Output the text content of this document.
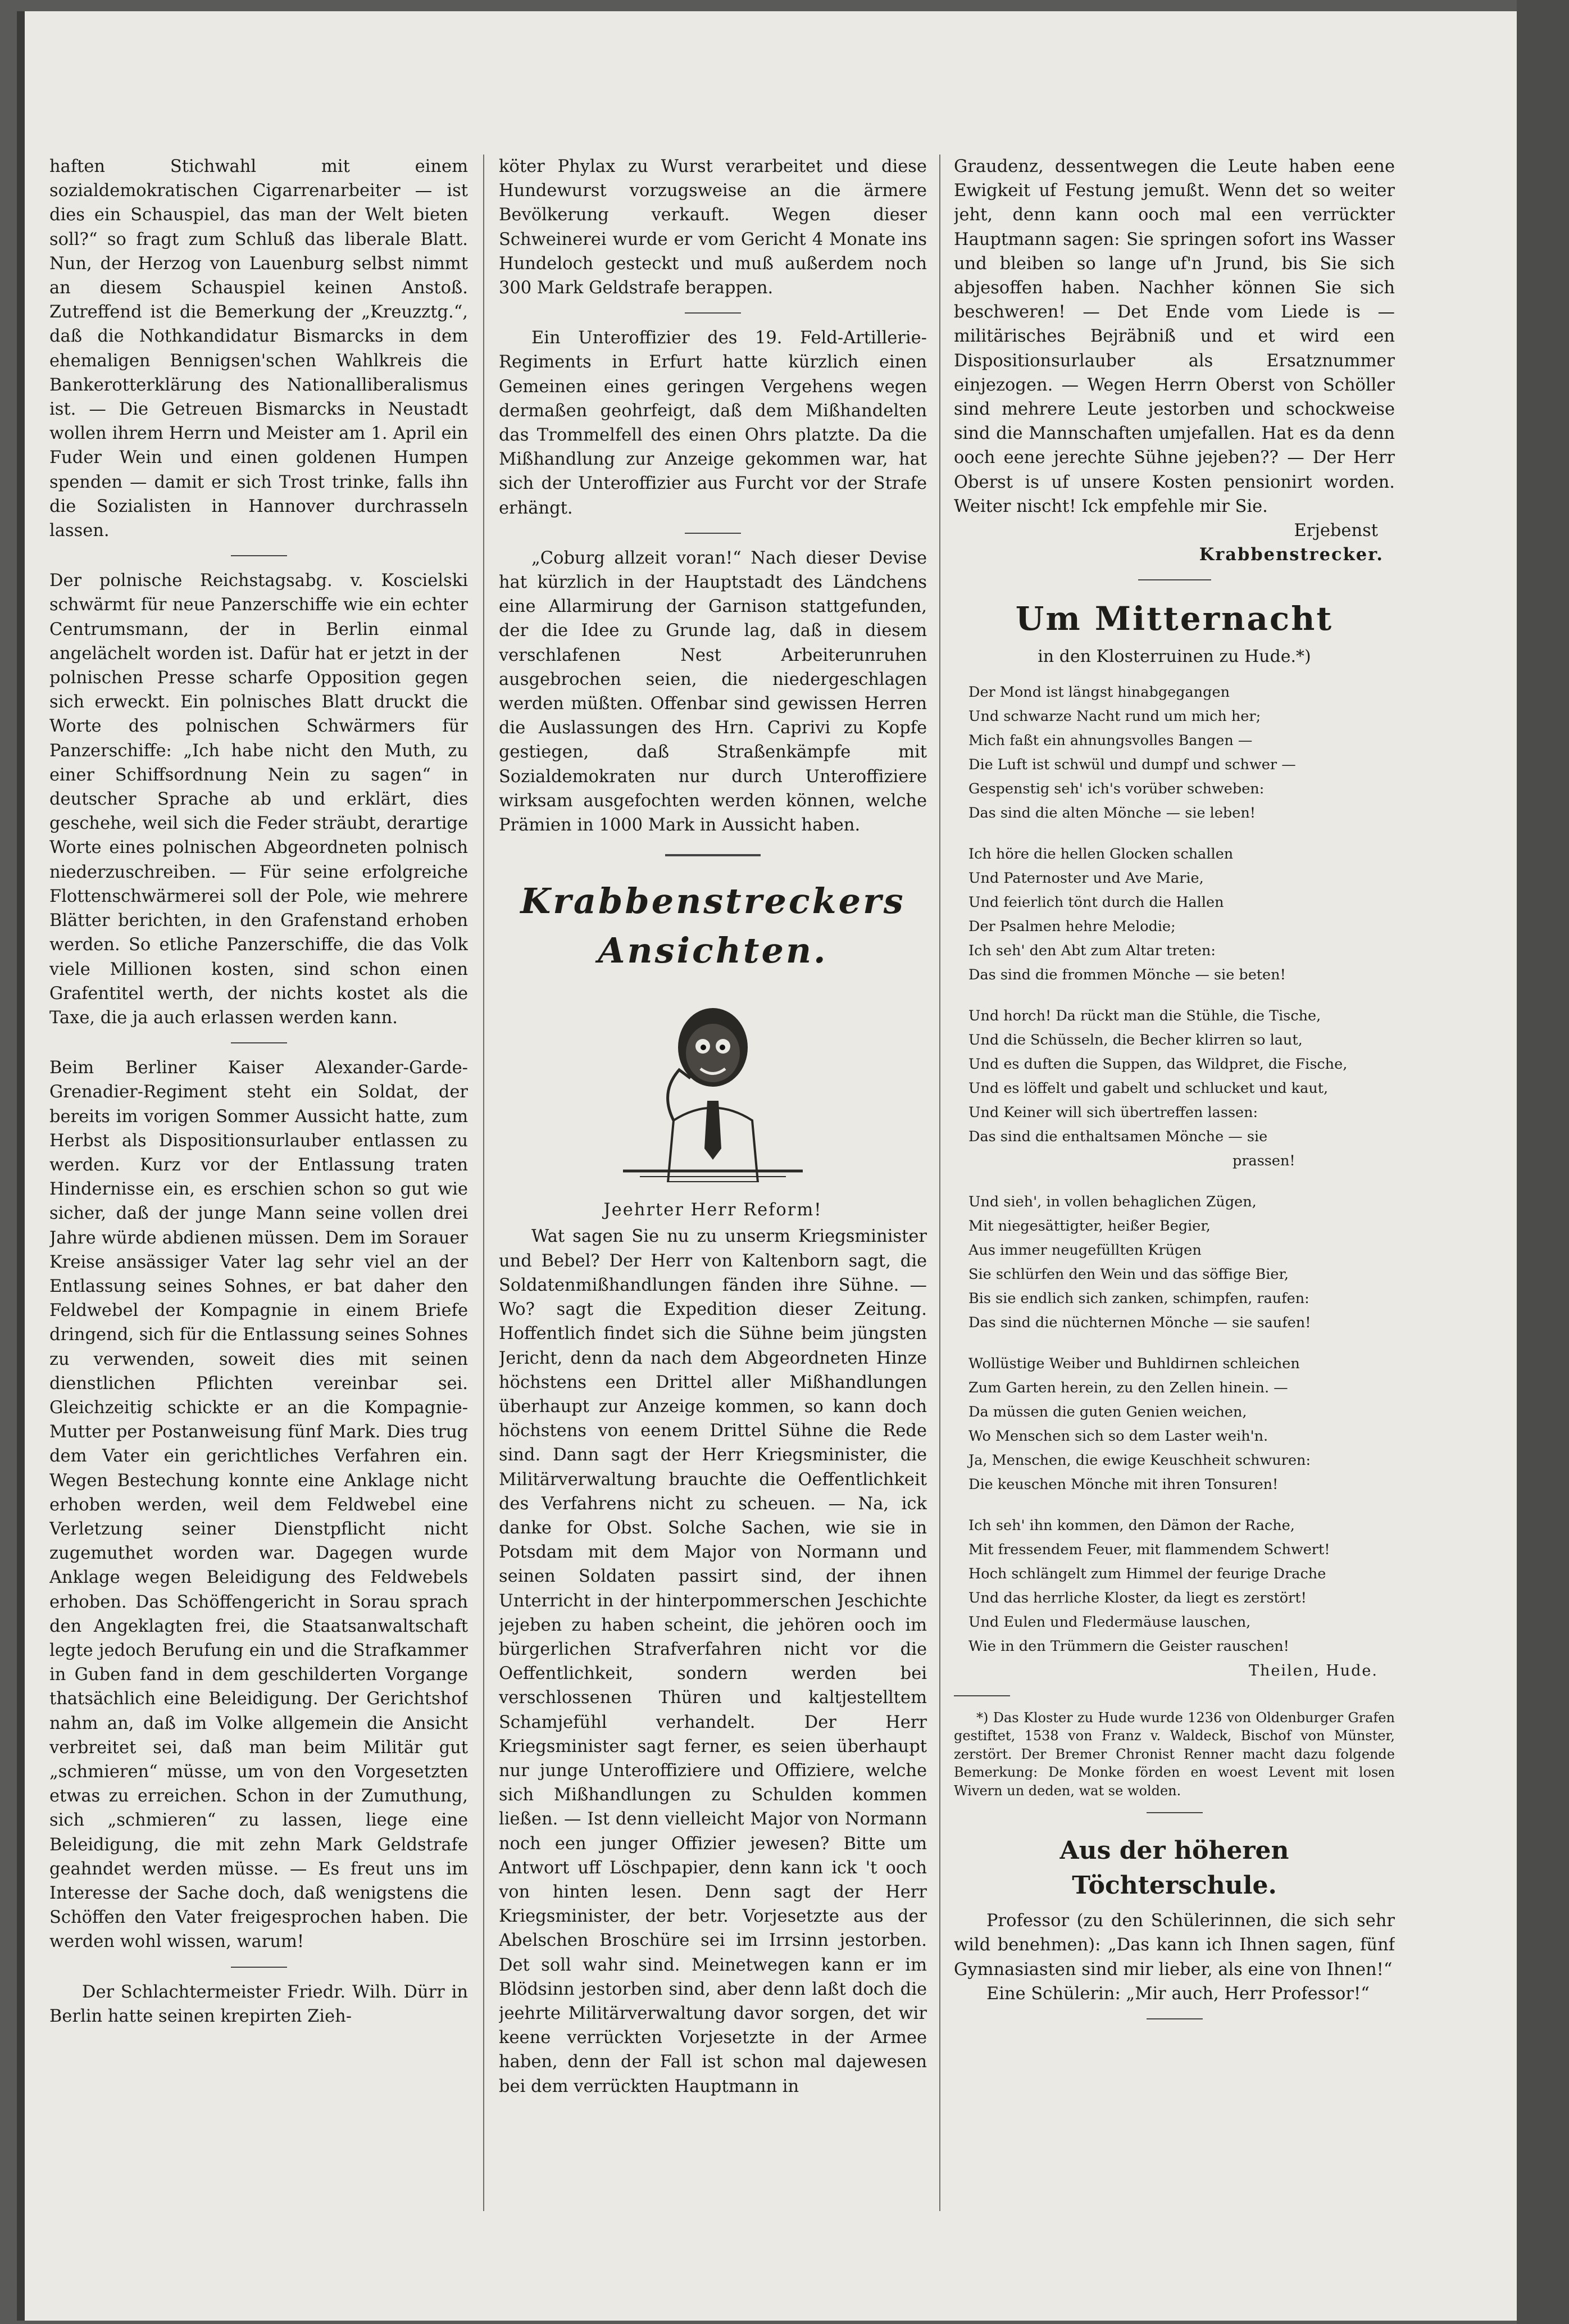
haften Stichwahl mit einem sozialdemokratischen Cigarrenarbeiter — ist dies ein Schauspiel, das man der Welt bieten soll?“ so fragt zum Schluß das liberale Blatt. Nun, der Herzog von Lauenburg selbst nimmt an diesem Schauspiel keinen Anstoß. Zutreffend ist die Bemerkung der „Kreuzztg.“, daß die Nothkandidatur Bismarcks in dem ehemaligen Bennigsen'schen Wahlkreis die Bankerotterklärung des Nationalliberalismus ist. — Die Getreuen Bismarcks in Neustadt wollen ihrem Herrn und Meister am 1. April ein Fuder Wein und einen goldenen Humpen spenden — damit er sich Trost trinke, falls ihn die Sozialisten in Hannover durchrasseln lassen.

Der polnische Reichstagsabg. v. Koscielski schwärmt für neue Panzerschiffe wie ein echter Centrumsmann, der in Berlin einmal angelächelt worden ist. Dafür hat er jetzt in der polnischen Presse scharfe Opposition gegen sich erweckt. Ein polnisches Blatt druckt die Worte des polnischen Schwärmers für Panzerschiffe: „Ich habe nicht den Muth, zu einer Schiffsordnung Nein zu sagen“ in deutscher Sprache ab und erklärt, dies geschehe, weil sich die Feder sträubt, derartige Worte eines polnischen Abgeordneten polnisch niederzuschreiben. — Für seine erfolgreiche Flottenschwärmerei soll der Pole, wie mehrere Blätter berichten, in den Grafenstand erhoben werden. So etliche Panzerschiffe, die das Volk viele Millionen kosten, sind schon einen Grafentitel werth, der nichts kostet als die Taxe, die ja auch erlassen werden kann.

Beim Berliner Kaiser Alexander-Garde-Grenadier-Regiment steht ein Soldat, der bereits im vorigen Sommer Aussicht hatte, zum Herbst als Dispositionsurlauber entlassen zu werden. Kurz vor der Entlassung traten Hindernisse ein, es erschien schon so gut wie sicher, daß der junge Mann seine vollen drei Jahre würde abdienen müssen. Dem im Sorauer Kreise ansässiger Vater lag sehr viel an der Entlassung seines Sohnes, er bat daher den Feldwebel der Kompagnie in einem Briefe dringend, sich für die Entlassung seines Sohnes zu verwenden, soweit dies mit seinen dienstlichen Pflichten vereinbar sei. Gleichzeitig schickte er an die Kompagnie-Mutter per Postanweisung fünf Mark. Dies trug dem Vater ein gerichtliches Verfahren ein. Wegen Bestechung konnte eine Anklage nicht erhoben werden, weil dem Feldwebel eine Verletzung seiner Dienstpflicht nicht zugemuthet worden war. Dagegen wurde Anklage wegen Beleidigung des Feldwebels erhoben. Das Schöffengericht in Sorau sprach den Angeklagten frei, die Staatsanwaltschaft legte jedoch Berufung ein und die Strafkammer in Guben fand in dem geschilderten Vorgange thatsächlich eine Beleidigung. Der Gerichtshof nahm an, daß im Volke allgemein die Ansicht verbreitet sei, daß man beim Militär gut „schmieren“ müsse, um von den Vorgesetzten etwas zu erreichen. Schon in der Zumuthung, sich „schmieren“ zu lassen, liege eine Beleidigung, die mit zehn Mark Geldstrafe geahndet werden müsse. — Es freut uns im Interesse der Sache doch, daß wenigstens die Schöffen den Vater freigesprochen haben. Die werden wohl wissen, warum!

Der Schlachtermeister Friedr. Wilh. Dürr in Berlin hatte seinen krepirten Zieh-

köter Phylax zu Wurst verarbeitet und diese Hundewurst vorzugsweise an die ärmere Bevölkerung verkauft. Wegen dieser Schweinerei wurde er vom Gericht 4 Monate ins Hundeloch gesteckt und muß außerdem noch 300 Mark Geldstrafe berappen.

Ein Unteroffizier des 19. Feld-Artillerie-Regiments in Erfurt hatte kürzlich einen Gemeinen eines geringen Vergehens wegen dermaßen geohrfeigt, daß dem Mißhandelten das Trommelfell des einen Ohrs platzte. Da die Mißhandlung zur Anzeige gekommen war, hat sich der Unteroffizier aus Furcht vor der Strafe erhängt.

„Coburg allzeit voran!“ Nach dieser Devise hat kürzlich in der Hauptstadt des Ländchens eine Allarmirung der Garnison stattgefunden, der die Idee zu Grunde lag, daß in diesem verschlafenen Nest Arbeiterunruhen ausgebrochen seien, die niedergeschlagen werden müßten. Offenbar sind gewissen Herren die Auslassungen des Hrn. Caprivi zu Kopfe gestiegen, daß Straßenkämpfe mit Sozialdemokraten nur durch Unteroffiziere wirksam ausgefochten werden können, welche Prämien in 1000 Mark in Aussicht haben.

Krabbenstreckers Ansichten.
Jeehrter Herr Reform!

Wat sagen Sie nu zu unserm Kriegsminister und Bebel? Der Herr von Kaltenborn sagt, die Soldatenmißhandlungen fänden ihre Sühne. — Wo? sagt die Expedition dieser Zeitung. Hoffentlich findet sich die Sühne beim jüngsten Jericht, denn da nach dem Abgeordneten Hinze höchstens een Drittel aller Mißhandlungen überhaupt zur Anzeige kommen, so kann doch höchstens von eenem Drittel Sühne die Rede sind. Dann sagt der Herr Kriegsminister, die Militärverwaltung brauchte die Oeffentlichkeit des Verfahrens nicht zu scheuen. — Na, ick danke for Obst. Solche Sachen, wie sie in Potsdam mit dem Major von Normann und seinen Soldaten passirt sind, der ihnen Unterricht in der hinterpommerschen Jeschichte jejeben zu haben scheint, die jehören ooch im bürgerlichen Strafverfahren nicht vor die Oeffentlichkeit, sondern werden bei verschlossenen Thüren und kaltjestelltem Schamjefühl verhandelt. Der Herr Kriegsminister sagt ferner, es seien überhaupt nur junge Unteroffiziere und Offiziere, welche sich Mißhandlungen zu Schulden kommen ließen. — Ist denn vielleicht Major von Normann noch een junger Offizier jewesen? Bitte um Antwort uff Löschpapier, denn kann ick 't ooch von hinten lesen. Denn sagt der Herr Kriegsminister, der betr. Vorjesetzte aus der Abelschen Broschüre sei im Irrsinn jestorben. Det soll wahr sind. Meinetwegen kann er im Blödsinn jestorben sind, aber denn laßt doch die jeehrte Militärverwaltung davor sorgen, det wir keene verrückten Vorjesetzte in der Armee haben, denn der Fall ist schon mal dajewesen bei dem verrückten Hauptmann in

Graudenz, dessentwegen die Leute haben eene Ewigkeit uf Festung jemußt. Wenn det so weiter jeht, denn kann ooch mal een verrückter Hauptmann sagen: Sie springen sofort ins Wasser und bleiben so lange uf'n Jrund, bis Sie sich abjesoffen haben. Nachher können Sie sich beschweren! — Det Ende vom Liede is — militärisches Bejräbniß und et wird een Dispositionsurlauber als Ersatznummer einjezogen. — Wegen Herrn Oberst von Schöller sind mehrere Leute jestorben und schockweise sind die Mannschaften umjefallen. Hat es da denn ooch eene jerechte Sühne jejeben?? — Der Herr Oberst is uf unsere Kosten pensionirt worden. Weiter nischt! Ick empfehle mir Sie.

Erjebenst
Krabbenstrecker.
Um Mitternacht
in den Klosterruinen zu Hude.*)
Der Mond ist längst hinabgegangen
Und schwarze Nacht rund um mich her;
Mich faßt ein ahnungsvolles Bangen —
Die Luft ist schwül und dumpf und schwer —
Gespenstig seh' ich's vorüber schweben:
Das sind die alten Mönche — sie leben!
Ich höre die hellen Glocken schallen
Und Paternoster und Ave Marie,
Und feierlich tönt durch die Hallen
Der Psalmen hehre Melodie;
Ich seh' den Abt zum Altar treten:
Das sind die frommen Mönche — sie beten!
Und horch! Da rückt man die Stühle, die Tische,
Und die Schüsseln, die Becher klirren so laut,
Und es duften die Suppen, das Wildpret, die Fische,
Und es löffelt und gabelt und schlucket und kaut,
Und Keiner will sich übertreffen lassen:
Das sind die enthaltsamen Mönche — sie
prassen!
Und sieh', in vollen behaglichen Zügen,
Mit niegesättigter, heißer Begier,
Aus immer neugefüllten Krügen
Sie schlürfen den Wein und das söffige Bier,
Bis sie endlich sich zanken, schimpfen, raufen:
Das sind die nüchternen Mönche — sie saufen!
Wollüstige Weiber und Buhldirnen schleichen
Zum Garten herein, zu den Zellen hinein. —
Da müssen die guten Genien weichen,
Wo Menschen sich so dem Laster weih'n.
Ja, Menschen, die ewige Keuschheit schwuren:
Die keuschen Mönche mit ihren Tonsuren!
Ich seh' ihn kommen, den Dämon der Rache,
Mit fressendem Feuer, mit flammendem Schwert!
Hoch schlängelt zum Himmel der feurige Drache
Und das herrliche Kloster, da liegt es zerstört!
Und Eulen und Fledermäuse lauschen,
Wie in den Trümmern die Geister rauschen!
Theilen, Hude.

*) Das Kloster zu Hude wurde 1236 von Oldenburger Grafen gestiftet, 1538 von Franz v. Waldeck, Bischof von Münster, zerstört. Der Bremer Chronist Renner macht dazu folgende Bemerkung: De Monke förden en woest Levent mit losen Wivern un deden, wat se wolden.

Aus der höheren Töchterschule.

Professor (zu den Schülerinnen, die sich sehr wild benehmen): „Das kann ich Ihnen sagen, fünf Gymnasiasten sind mir lieber, als eine von Ihnen!“

Eine Schülerin: „Mir auch, Herr Professor!“
